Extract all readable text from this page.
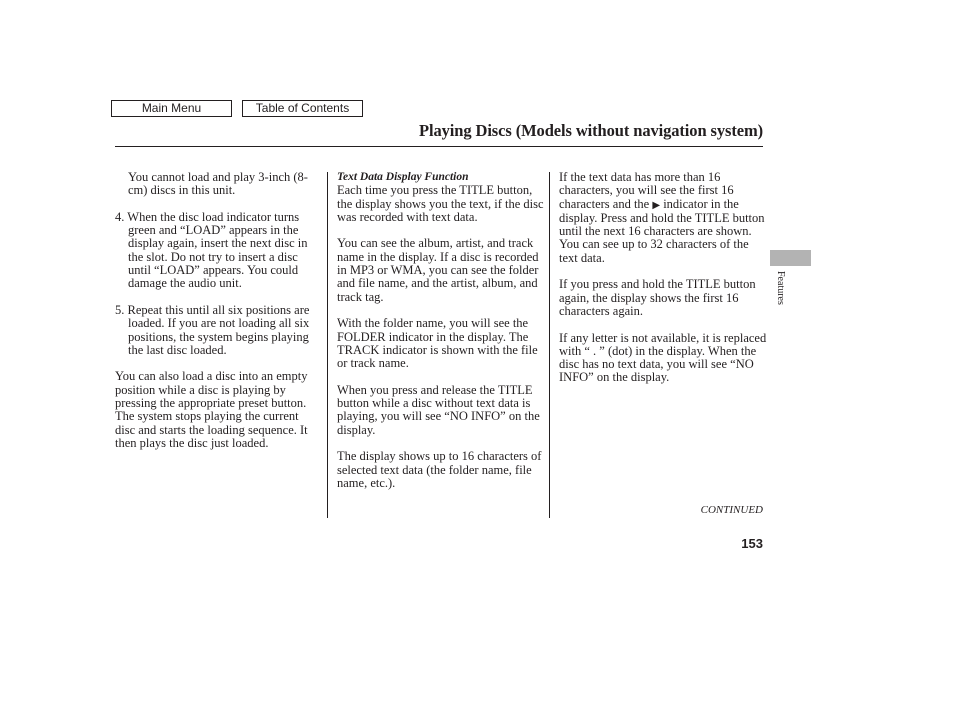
Main Menu	Table of Contents
Playing Discs (Models without navigation system)

You cannot load and play 3-inch (8-cm) discs in this unit.

4. When the disc load indicator turns green and “LOAD” appears in the display again, insert the next disc in the slot. Do not try to insert a disc until “LOAD” appears. You could damage the audio unit.

5. Repeat this until all six positions are loaded. If you are not loading all six positions, the system begins playing the last disc loaded.

You can also load a disc into an empty position while a disc is playing by pressing the appropriate preset button. The system stops playing the current disc and starts the loading sequence. It then plays the disc just loaded.

Text Data Display Function

Each time you press the TITLE button, the display shows you the text, if the disc was recorded with text data.

You can see the album, artist, and track name in the display. If a disc is recorded in MP3 or WMA, you can see the folder and file name, and the artist, album, and track tag.

With the folder name, you will see the FOLDER indicator in the display. The TRACK indicator is shown with the file or track name.

When you press and release the TITLE button while a disc without text data is playing, you will see “NO INFO” on the display.

The display shows up to 16 characters of selected text data (the folder name, file name, etc.).

If the text data has more than 16 characters, you will see the first 16 characters and the ▶ indicator in the display. Press and hold the TITLE button until the next 16 characters are shown. You can see up to 32 characters of the text data.

If you press and hold the TITLE button again, the display shows the first 16 characters again.

If any letter is not available, it is replaced with “ . ” (dot) in the display. When the disc has no text data, you will see “NO INFO” on the display.

Features
CONTINUED
153
